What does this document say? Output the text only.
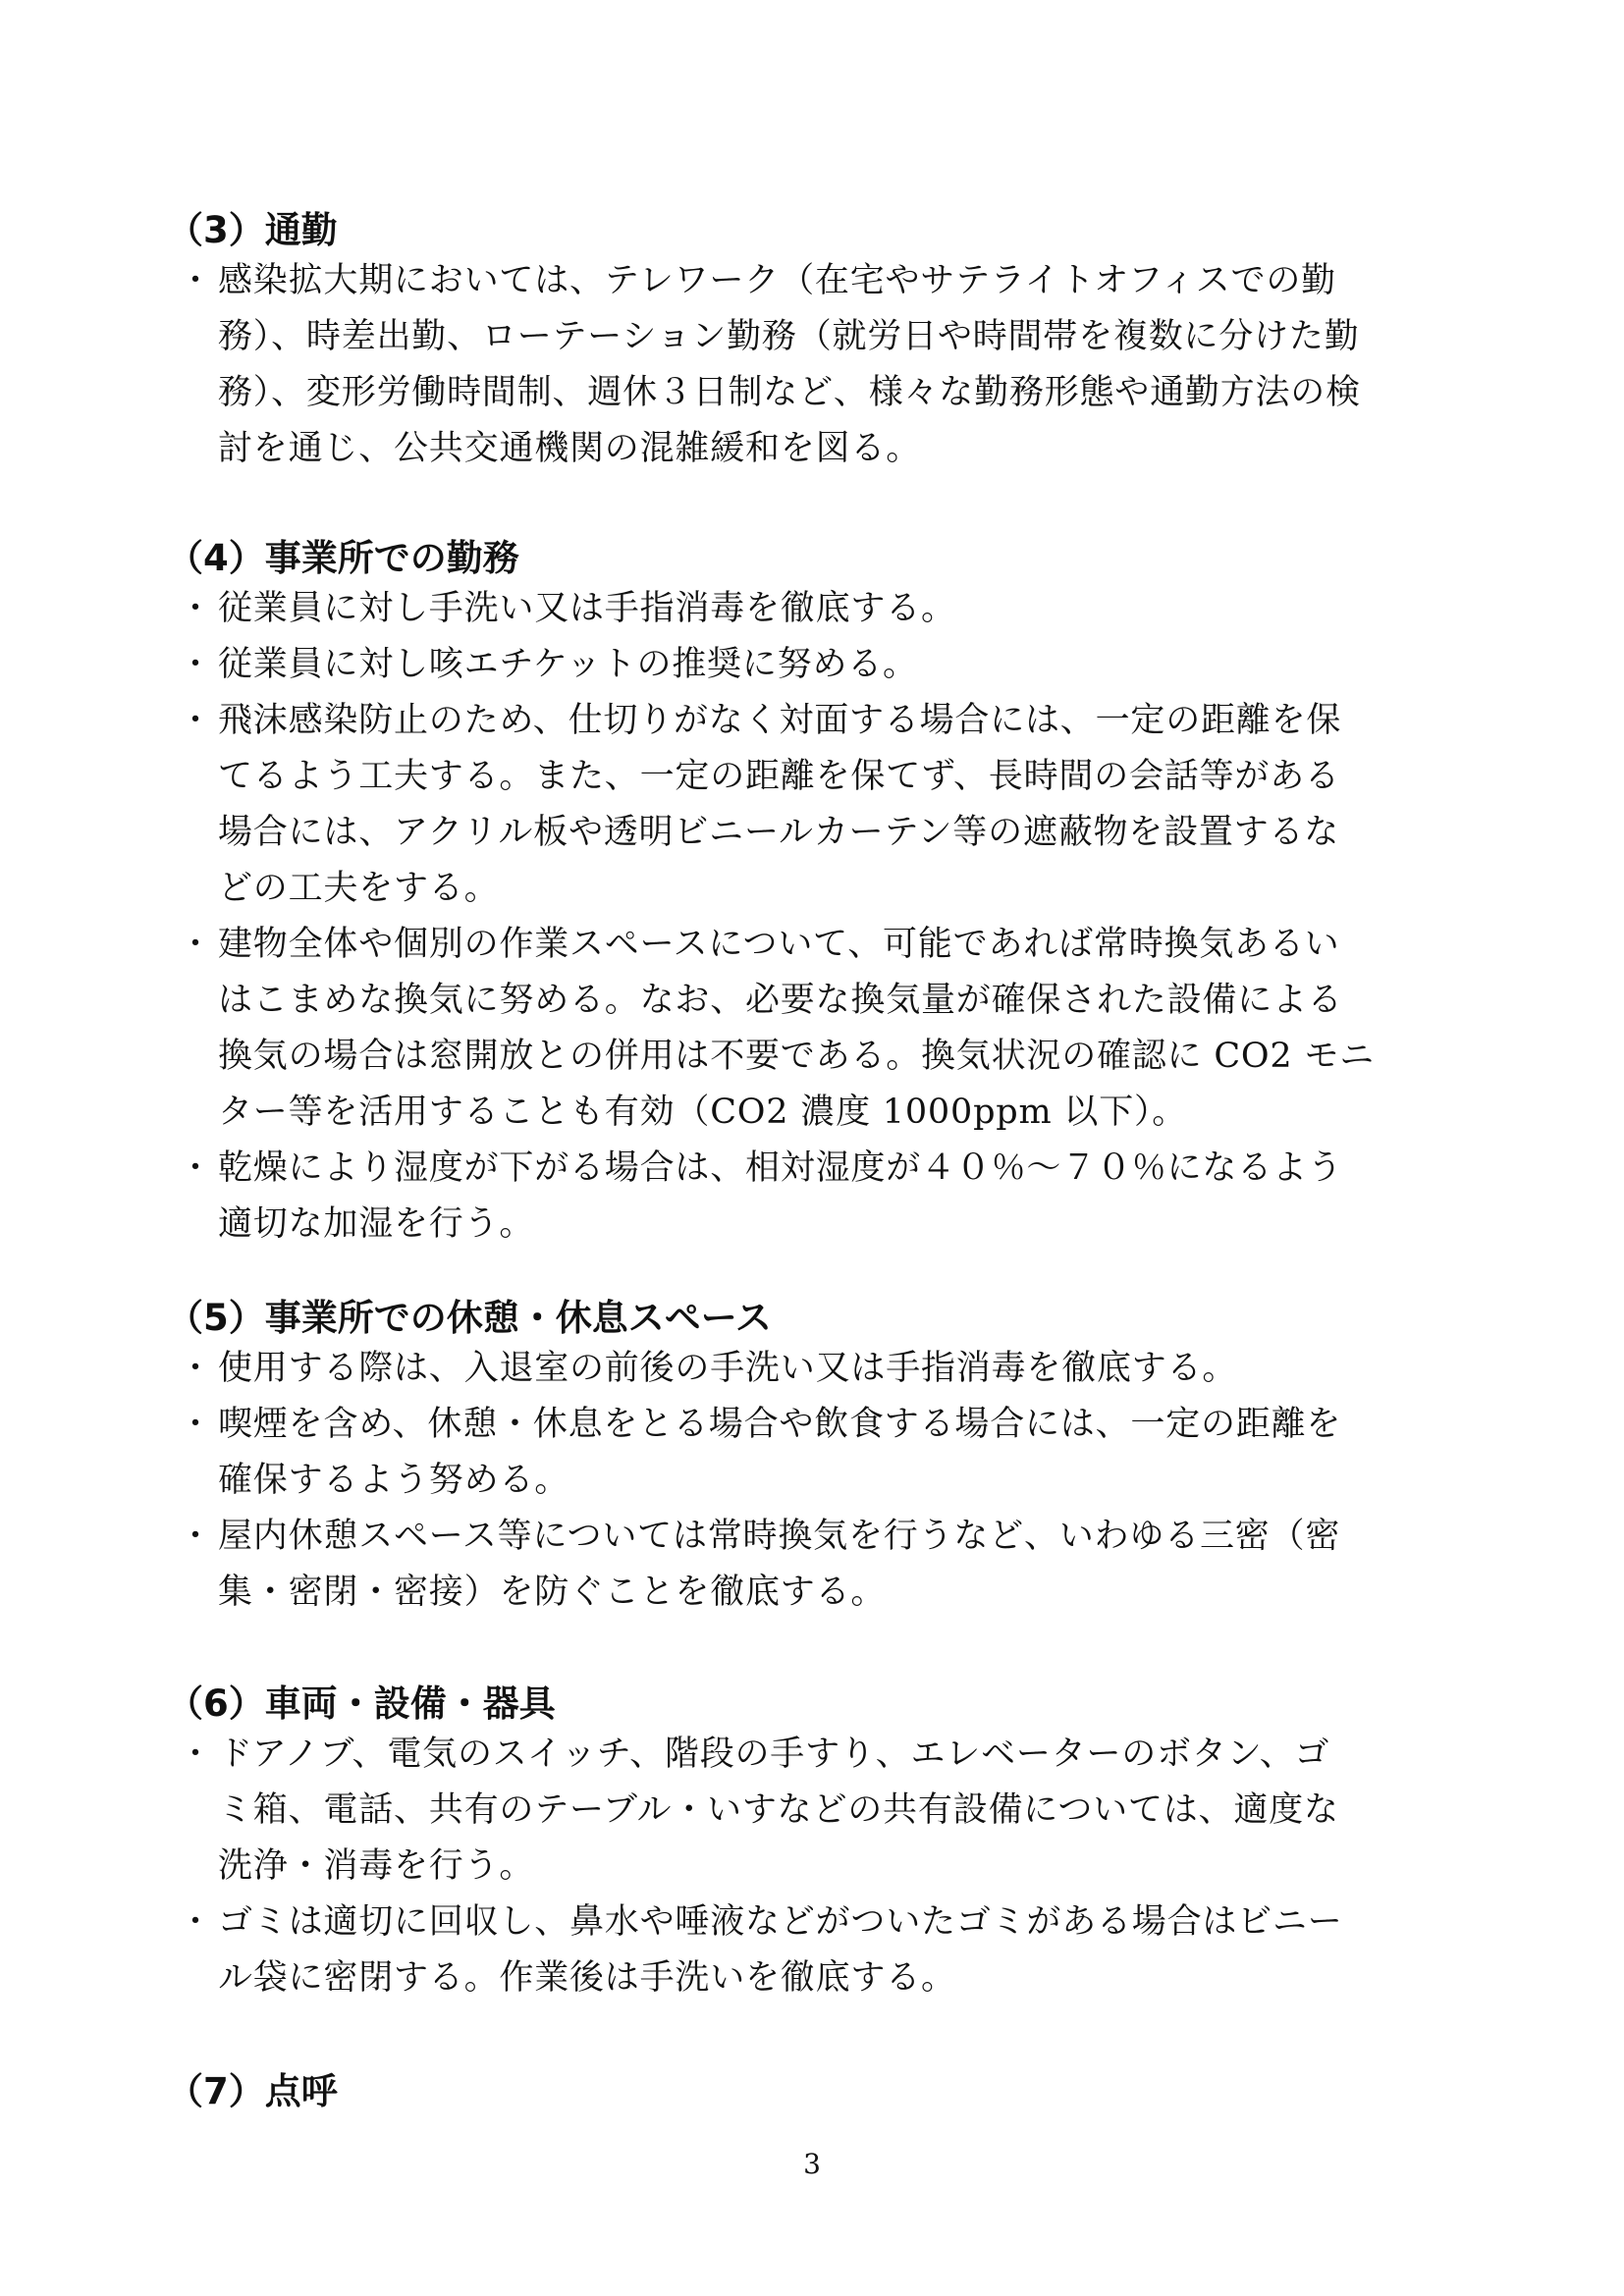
（3）通勤
・ 感染拡大期においては、テレワーク（在宅やサテライトオフィスでの勤
務）、時差出勤、ローテーション勤務（就労日や時間帯を複数に分けた勤
務）、変形労働時間制、週休３日制など、様々な勤務形態や通勤方法の検
討を通じ、公共交通機関の混雑緩和を図る。
（4）事業所での勤務
・ 従業員に対し手洗い又は手指消毒を徹底する。
・ 従業員に対し咳エチケットの推奨に努める。
・ 飛沫感染防止のため、仕切りがなく対面する場合には、一定の距離を保
てるよう工夫する。また、一定の距離を保てず、長時間の会話等がある
場合には、アクリル板や透明ビニールカーテン等の遮蔽物を設置するな
どの工夫をする。
・ 建物全体や個別の作業スペースについて、可能であれば常時換気あるい
はこまめな換気に努める。なお、必要な換気量が確保された設備による
換気の場合は窓開放との併用は不要である。換気状況の確認に CO2 モニ
ター等を活用することも有効（CO2 濃度 1000ppm 以下）。
・ 乾燥により湿度が下がる場合は、相対湿度が４０％～７０％になるよう
適切な加湿を行う。
（5）事業所での休憩・休息スペース
・ 使用する際は、入退室の前後の手洗い又は手指消毒を徹底する。
・ 喫煙を含め、休憩・休息をとる場合や飲食する場合には、一定の距離を
確保するよう努める。
・ 屋内休憩スペース等については常時換気を行うなど、いわゆる三密（密
集・密閉・密接）を防ぐことを徹底する。
（6）車両・設備・器具
・ ドアノブ、電気のスイッチ、階段の手すり、エレベーターのボタン、ゴ
ミ箱、電話、共有のテーブル・いすなどの共有設備については、適度な
洗浄・消毒を行う。
・ ゴミは適切に回収し、鼻水や唾液などがついたゴミがある場合はビニー
ル袋に密閉する。作業後は手洗いを徹底する。
（7）点呼
3
